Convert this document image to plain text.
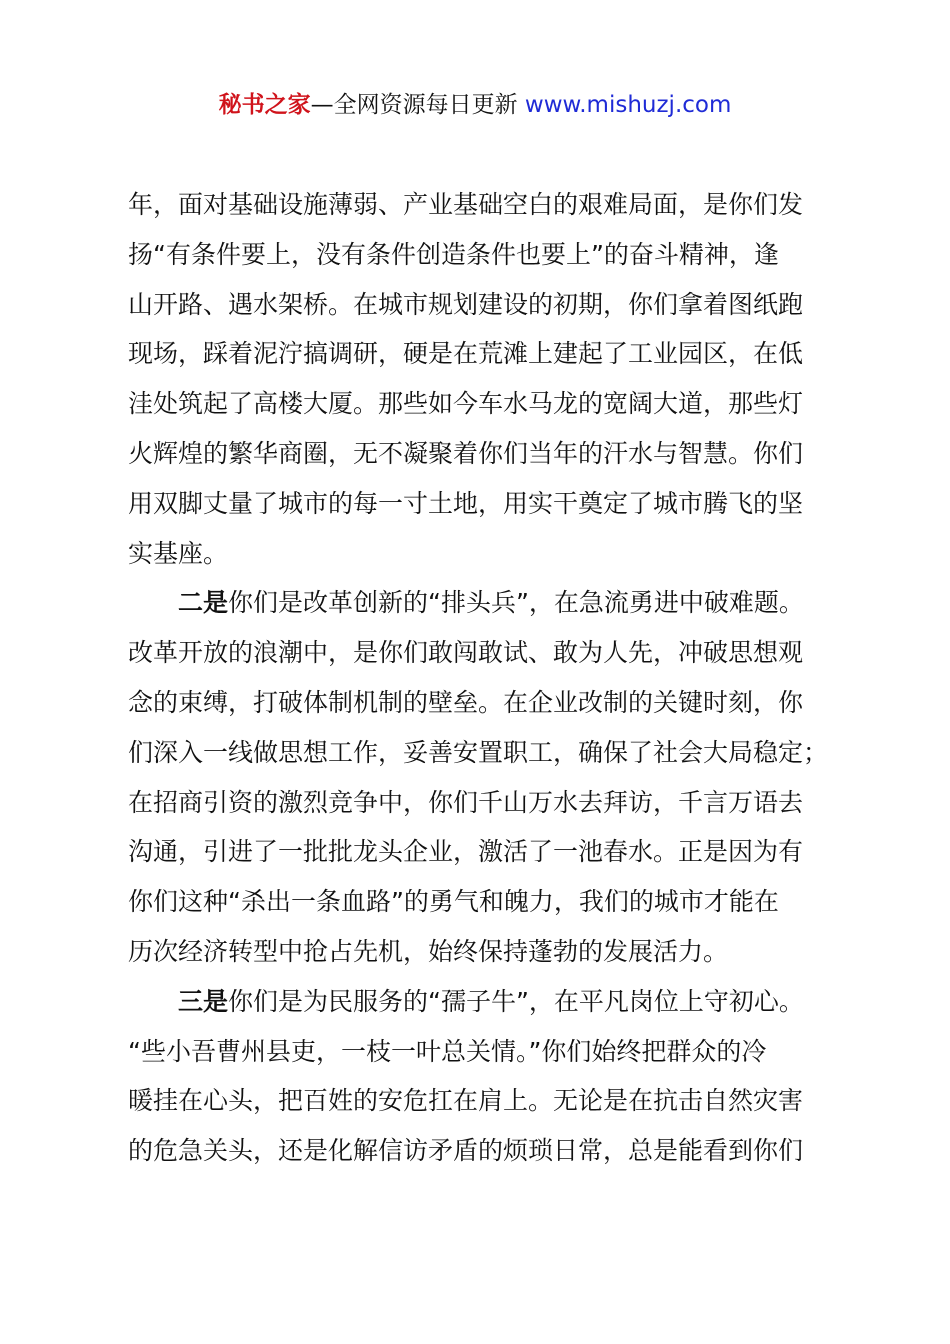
秘书之家—全网资源每日更新 www.mishuzj.com
年，面对基础设施薄弱、产业基础空白的艰难局面，是你们发
扬“有条件要上，没有条件创造条件也要上”的奋斗精神，逢
山开路、遇水架桥。在城市规划建设的初期，你们拿着图纸跑
现场，踩着泥泞搞调研，硬是在荒滩上建起了工业园区，在低
洼处筑起了高楼大厦。那些如今车水马龙的宽阔大道，那些灯
火辉煌的繁华商圈，无不凝聚着你们当年的汗水与智慧。你们
用双脚丈量了城市的每一寸土地，用实干奠定了城市腾飞的坚
实基座。
二是你们是改革创新的“排头兵”，在急流勇进中破难题。
改革开放的浪潮中，是你们敢闯敢试、敢为人先，冲破思想观
念的束缚，打破体制机制的壁垒。在企业改制的关键时刻，你
们深入一线做思想工作，妥善安置职工，确保了社会大局稳定；
在招商引资的激烈竞争中，你们千山万水去拜访，千言万语去
沟通，引进了一批批龙头企业，激活了一池春水。正是因为有
你们这种“杀出一条血路”的勇气和魄力，我们的城市才能在
历次经济转型中抢占先机，始终保持蓬勃的发展活力。
三是你们是为民服务的“孺子牛”，在平凡岗位上守初心。
“些小吾曹州县吏，一枝一叶总关情。”你们始终把群众的冷
暖挂在心头，把百姓的安危扛在肩上。无论是在抗击自然灾害
的危急关头，还是化解信访矛盾的烦琐日常，总是能看到你们
